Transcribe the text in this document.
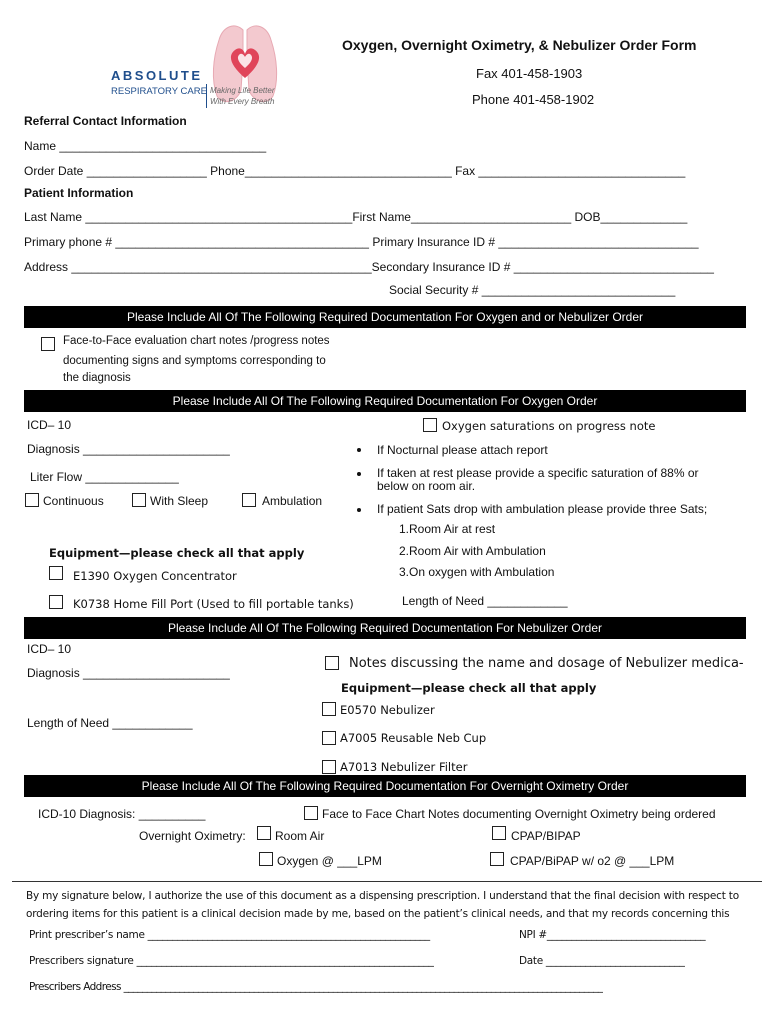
ABSOLUTE
RESPIRATORY CARE Making Life Better
With Every Breath
Oxygen, Overnight Oximetry, & Nebulizer Order Form
Fax 401-458-1903
Phone 401-458-1902
Referral Contact Information
Name _______________________________
Order Date __________________ Phone_______________________________ Fax _______________________________
Patient Information
Last Name ________________________________________First Name________________________ DOB_____________
Primary phone # ______________________________________ Primary Insurance ID # ______________________________
Address _____________________________________________Secondary Insurance ID # ______________________________
Social Security # _____________________________
Please Include All Of The Following Required Documentation For Oxygen and or Nebulizer Order
Face-to-Face evaluation chart notes /progress notes
documenting signs and symptoms corresponding to
the diagnosis
Please Include All Of The Following Required Documentation For Oxygen Order
ICD– 10	Oxygen saturations on progress note
Diagnosis ______________________	If Nocturnal please attach report
If taken at rest please provide a specific saturation of 88% or
below on room air.
Liter Flow ______________
Continuous	With Sleep	Ambulation
If patient Sats drop with ambulation please provide three Sats;
1.Room Air at rest
2.Room Air with Ambulation
3.On oxygen with Ambulation
Equipment—please check all that apply
E1390 Oxygen Concentrator
K0738 Home Fill Port (Used to fill portable tanks)	Length of Need ____________
Please Include All Of The Following Required Documentation For Nebulizer Order
ICD– 10
Notes discussing the name and dosage of Nebulizer medica-
Diagnosis ______________________
Equipment—please check all that apply
E0570 Nebulizer
Length of Need ____________
A7005 Reusable Neb Cup
A7013 Nebulizer Filter
Please Include All Of The Following Required Documentation For Overnight Oximetry Order
ICD-10 Diagnosis: __________	Face to Face Chart Notes documenting Overnight Oximetry being ordered
Overnight Oximetry: Room Air	CPAP/BIPAP
Oxygen @ ___LPM	CPAP/BiPAP w/ o2 @ ___LPM
By my signature below, I authorize the use of this document as a dispensing prescription. I understand that the final decision with respect to
ordering items for this patient is a clinical decision made by me, based on the patient’s clinical needs, and that my records concerning this
Print prescriber’s name _________________________________________________________	NPI #________________________________
Prescribers signature ____________________________________________________________	Date ____________________________
Prescribers Address _______________________________________________________________________________________________________
